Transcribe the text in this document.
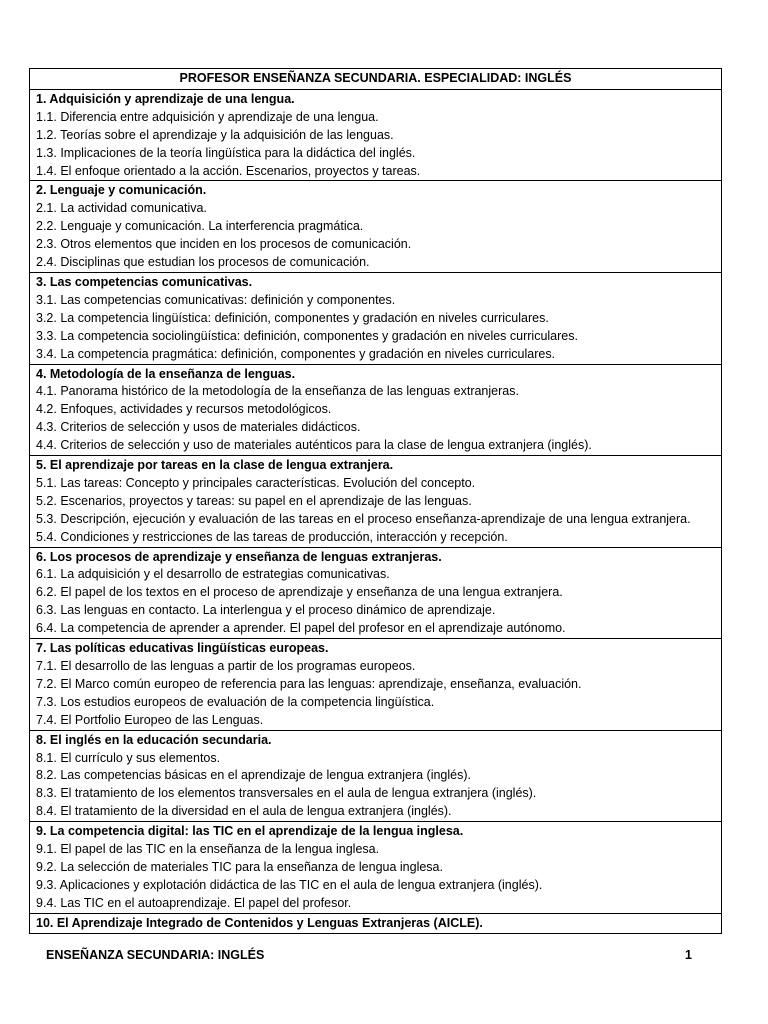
PROFESOR ENSEÑANZA SECUNDARIA. ESPECIALIDAD: INGLÉS

1. Adquisición y aprendizaje de una lengua.
1.1. Diferencia entre adquisición y aprendizaje de una lengua.
1.2. Teorías sobre el aprendizaje y la adquisición de las lenguas.
1.3. Implicaciones de la teoría lingüística para la didáctica del inglés.
1.4. El enfoque orientado a la acción. Escenarios, proyectos y tareas.

2. Lenguaje y comunicación.
2.1. La actividad comunicativa.
2.2. Lenguaje y comunicación. La interferencia pragmática.
2.3. Otros elementos que inciden en los procesos de comunicación.
2.4. Disciplinas que estudian los procesos de comunicación.

3. Las competencias comunicativas.
3.1. Las competencias comunicativas: definición y componentes.
3.2. La competencia lingüística: definición, componentes y gradación en niveles curriculares.
3.3. La competencia sociolingüística: definición, componentes y gradación en niveles curriculares.
3.4. La competencia pragmática: definición, componentes y gradación en niveles curriculares.

4. Metodología de la enseñanza de lenguas.
4.1. Panorama histórico de la metodología de la enseñanza de las lenguas extranjeras.
4.2. Enfoques, actividades y recursos metodológicos.
4.3. Criterios de selección y usos de materiales didácticos.
4.4. Criterios de selección y uso de materiales auténticos para la clase de lengua extranjera (inglés).

5. El aprendizaje por tareas en la clase de lengua extranjera.
5.1. Las tareas: Concepto y principales características. Evolución del concepto.
5.2. Escenarios, proyectos y tareas: su papel en el aprendizaje de las lenguas.
5.3. Descripción, ejecución y evaluación de las tareas en el proceso enseñanza-aprendizaje de una lengua extranjera.
5.4. Condiciones y restricciones de las tareas de producción, interacción y recepción.

6. Los procesos de aprendizaje y enseñanza de lenguas extranjeras.
6.1. La adquisición y el desarrollo de estrategias comunicativas.
6.2. El papel de los textos en el proceso de aprendizaje y enseñanza de una lengua extranjera.
6.3. Las lenguas en contacto. La interlengua y el proceso dinámico de aprendizaje.
6.4. La competencia de aprender a aprender. El papel del profesor en el aprendizaje autónomo.

7. Las políticas educativas lingüísticas europeas.
7.1. El desarrollo de las lenguas a partir de los programas europeos.
7.2. El Marco común europeo de referencia para las lenguas: aprendizaje, enseñanza, evaluación.
7.3. Los estudios europeos de evaluación de la competencia lingüística.
7.4. El Portfolio Europeo de las Lenguas.

8. El inglés en la educación secundaria.
8.1. El currículo y sus elementos.
8.2. Las competencias básicas en el aprendizaje de lengua extranjera (inglés).
8.3. El tratamiento de los elementos transversales en el aula de lengua extranjera (inglés).
8.4. El tratamiento de la diversidad en el aula de lengua extranjera (inglés).

9. La competencia digital: las TIC en el aprendizaje de la lengua inglesa.
9.1. El papel de las TIC en la enseñanza de la lengua inglesa.
9.2. La selección de materiales TIC para la enseñanza de lengua inglesa.
9.3. Aplicaciones y explotación didáctica de las TIC en el aula de lengua extranjera (inglés).
9.4. Las TIC en el autoaprendizaje. El papel del profesor.

10. El Aprendizaje Integrado de Contenidos y Lenguas Extranjeras (AICLE).
ENSEÑANZA SECUNDARIA: INGLÉS	1
